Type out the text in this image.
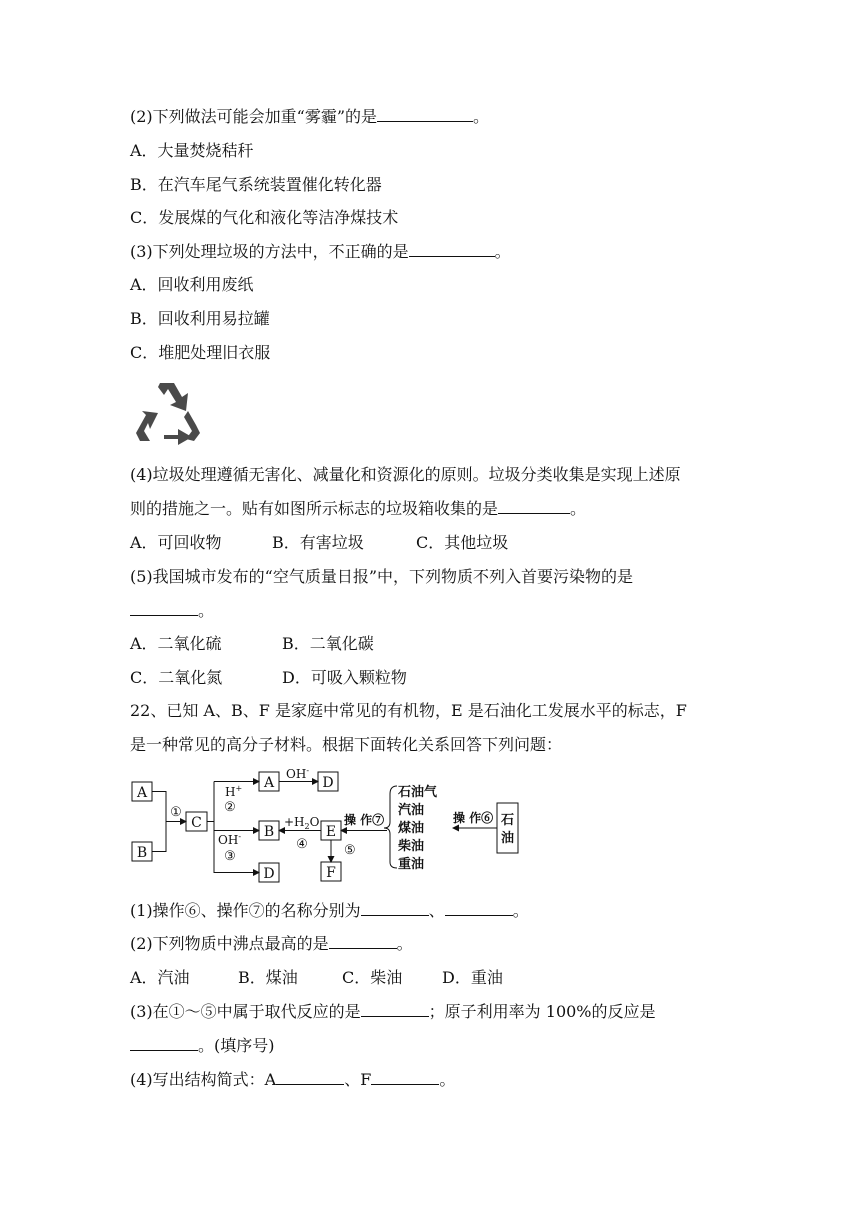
(2)下列做法可能会加重“雾霾”的是	。
A．大量焚烧秸秆
B．在汽车尾气系统装置催化转化器
C．发展煤的气化和液化等洁净煤技术
(3)下列处理垃圾的方法中，不正确的是	。
A．回收利用废纸
B．回收利用易拉罐
C．堆肥处理旧衣服
(4)垃圾处理遵循无害化、减量化和资源化的原则。垃圾分类收集是实现上述原
则的措施之一。贴有如图所示标志的垃圾箱收集的是	。
A．可回收物	B．有害垃圾	C．其他垃圾
(5)我国城市发布的“空气质量日报”中，下列物质不列入首要污染物的是
。
A．二氧化硫	B．二氧化碳
C．二氧化氮	D．可吸入颗粒物
22、已知 A、B、F 是家庭中常见的有机物，E 是石油化工发展水平的标志，F
是一种常见的高分子材料。根据下面转化关系回答下列问题：
A
B
C
A
B
D
D
E
F
①	②
③
④	⑤
H+
OH-
OH-
$+H_2O$ 操 作⑦	操 作⑥
石油气
汽油
煤油
柴油
重油
石
油
(1)操作⑥、操作⑦的名称分别为	、	。
(2)下列物质中沸点最高的是	。
A．汽油	B．煤油	C．柴油 D．重油
(3)在①～⑤中属于取代反应的是	；原子利用率为 100%的反应是
。(填序号)
(4)写出结构简式：A	、F	。
